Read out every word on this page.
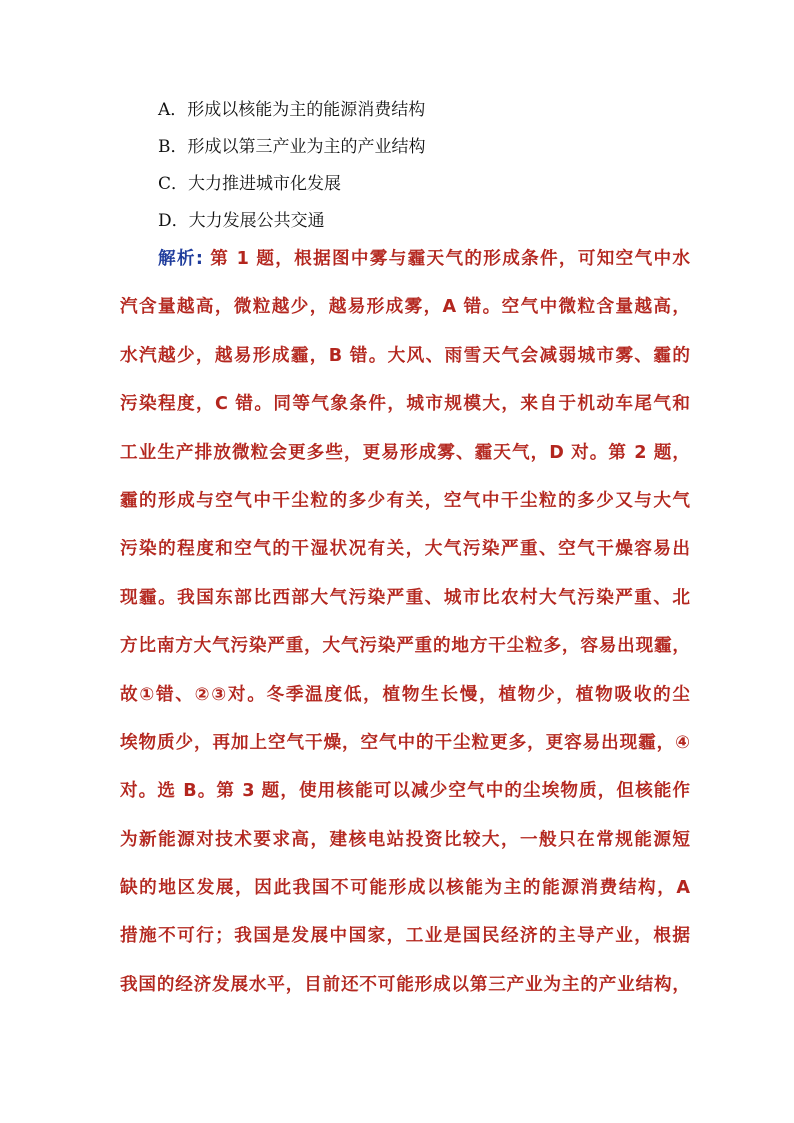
A．形成以核能为主的能源消费结构
B．形成以第三产业为主的产业结构
C．大力推进城市化发展
D．大力发展公共交通
解析: 第 1 题，根据图中雾与霾天气的形成条件，可知空气中水
汽含量越高，微粒越少，越易形成雾，A 错。空气中微粒含量越高，
水汽越少，越易形成霾，B 错。大风、雨雪天气会减弱城市雾、霾的
污染程度，C 错。同等气象条件，城市规模大，来自于机动车尾气和
工业生产排放微粒会更多些，更易形成雾、霾天气，D 对。第 2 题，
霾的形成与空气中干尘粒的多少有关，空气中干尘粒的多少又与大气
污染的程度和空气的干湿状况有关，大气污染严重、空气干燥容易出
现霾。我国东部比西部大气污染严重、城市比农村大气污染严重、北
方比南方大气污染严重，大气污染严重的地方干尘粒多，容易出现霾，
故①错、②③对。冬季温度低，植物生长慢，植物少，植物吸收的尘
埃物质少，再加上空气干燥，空气中的干尘粒更多，更容易出现霾，④
对。选 B。第 3 题，使用核能可以减少空气中的尘埃物质，但核能作
为新能源对技术要求高，建核电站投资比较大，一般只在常规能源短
缺的地区发展，因此我国不可能形成以核能为主的能源消费结构，A
措施不可行；我国是发展中国家，工业是国民经济的主导产业，根据
我国的经济发展水平，目前还不可能形成以第三产业为主的产业结构，
